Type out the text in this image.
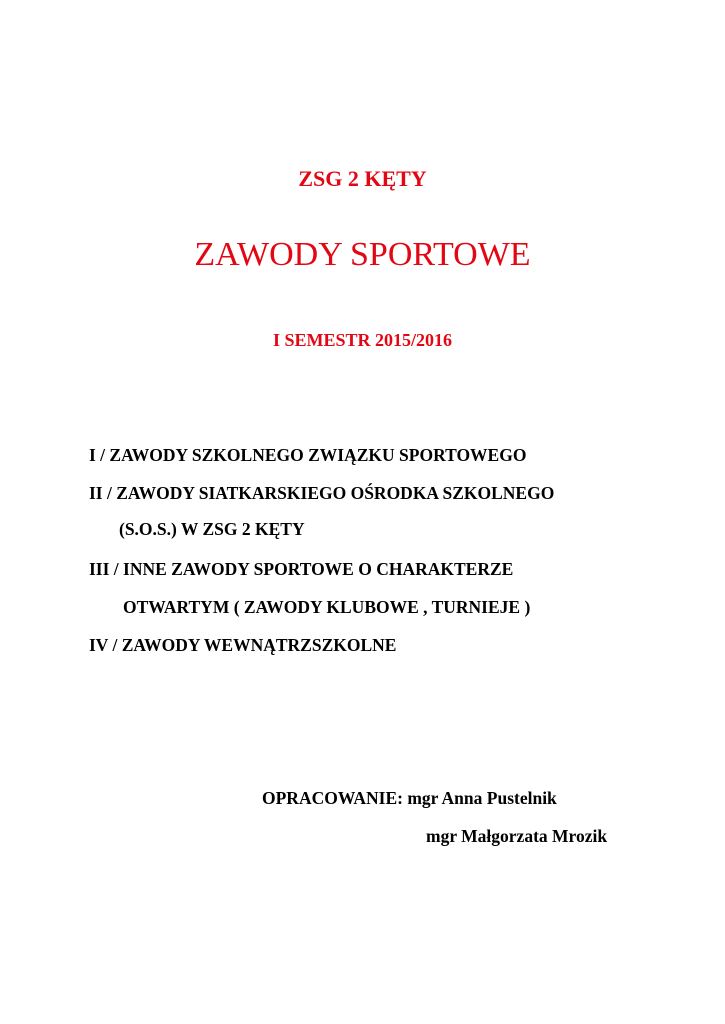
ZSG 2 KĘTY
ZAWODY SPORTOWE
I SEMESTR 2015/2016
I / ZAWODY SZKOLNEGO ZWIĄZKU SPORTOWEGO
II / ZAWODY SIATKARSKIEGO OŚRODKA SZKOLNEGO
(S.O.S.) W ZSG 2 KĘTY
III / INNE ZAWODY SPORTOWE O CHARAKTERZE
OTWARTYM ( ZAWODY KLUBOWE , TURNIEJE )
IV / ZAWODY WEWNĄTRZSZKOLNE
OPRACOWANIE: mgr Anna Pustelnik
mgr Małgorzata Mrozik
